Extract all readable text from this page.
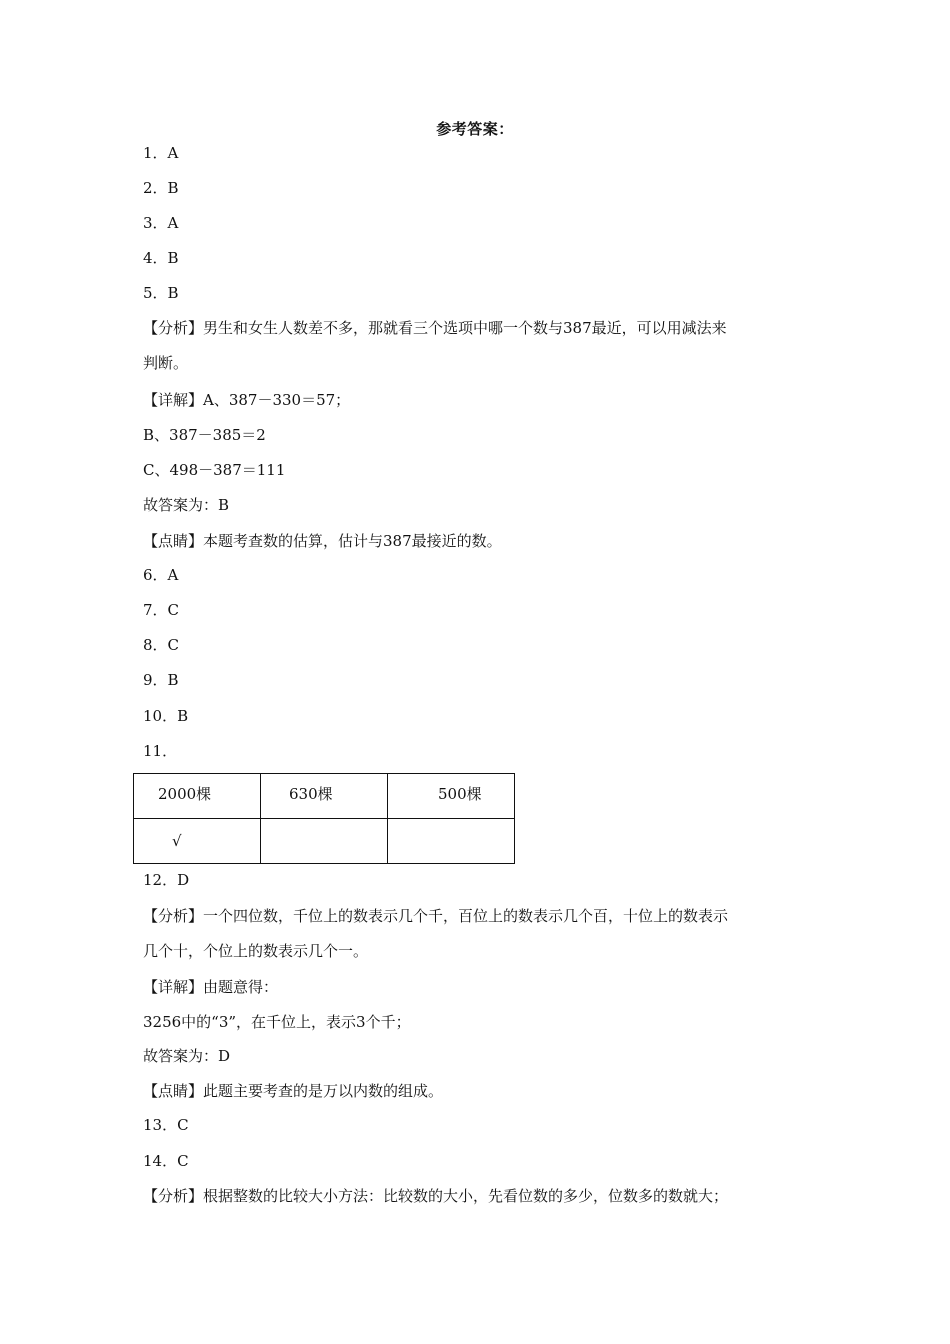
参考答案：
1．A
2．B
3．A
4．B
5．B
【分析】男生和女生人数差不多，那就看三个选项中哪一个数与387最近，可以用减法来
判断。
【详解】A、387－330＝57；
B、387－385＝2
C、498－387＝111
故答案为：B
【点睛】本题考查数的估算，估计与387最接近的数。
6．A
7．C
8．C
9．B
10．B
11．
2000棵	630棵	500棵
√		
12．D
【分析】一个四位数，千位上的数表示几个千，百位上的数表示几个百，十位上的数表示
几个十，个位上的数表示几个一。
【详解】由题意得：
3256中的“3”，在千位上，表示3个千；
故答案为：D
【点睛】此题主要考查的是万以内数的组成。
13．C
14．C
【分析】根据整数的比较大小方法：比较数的大小，先看位数的多少，位数多的数就大；
